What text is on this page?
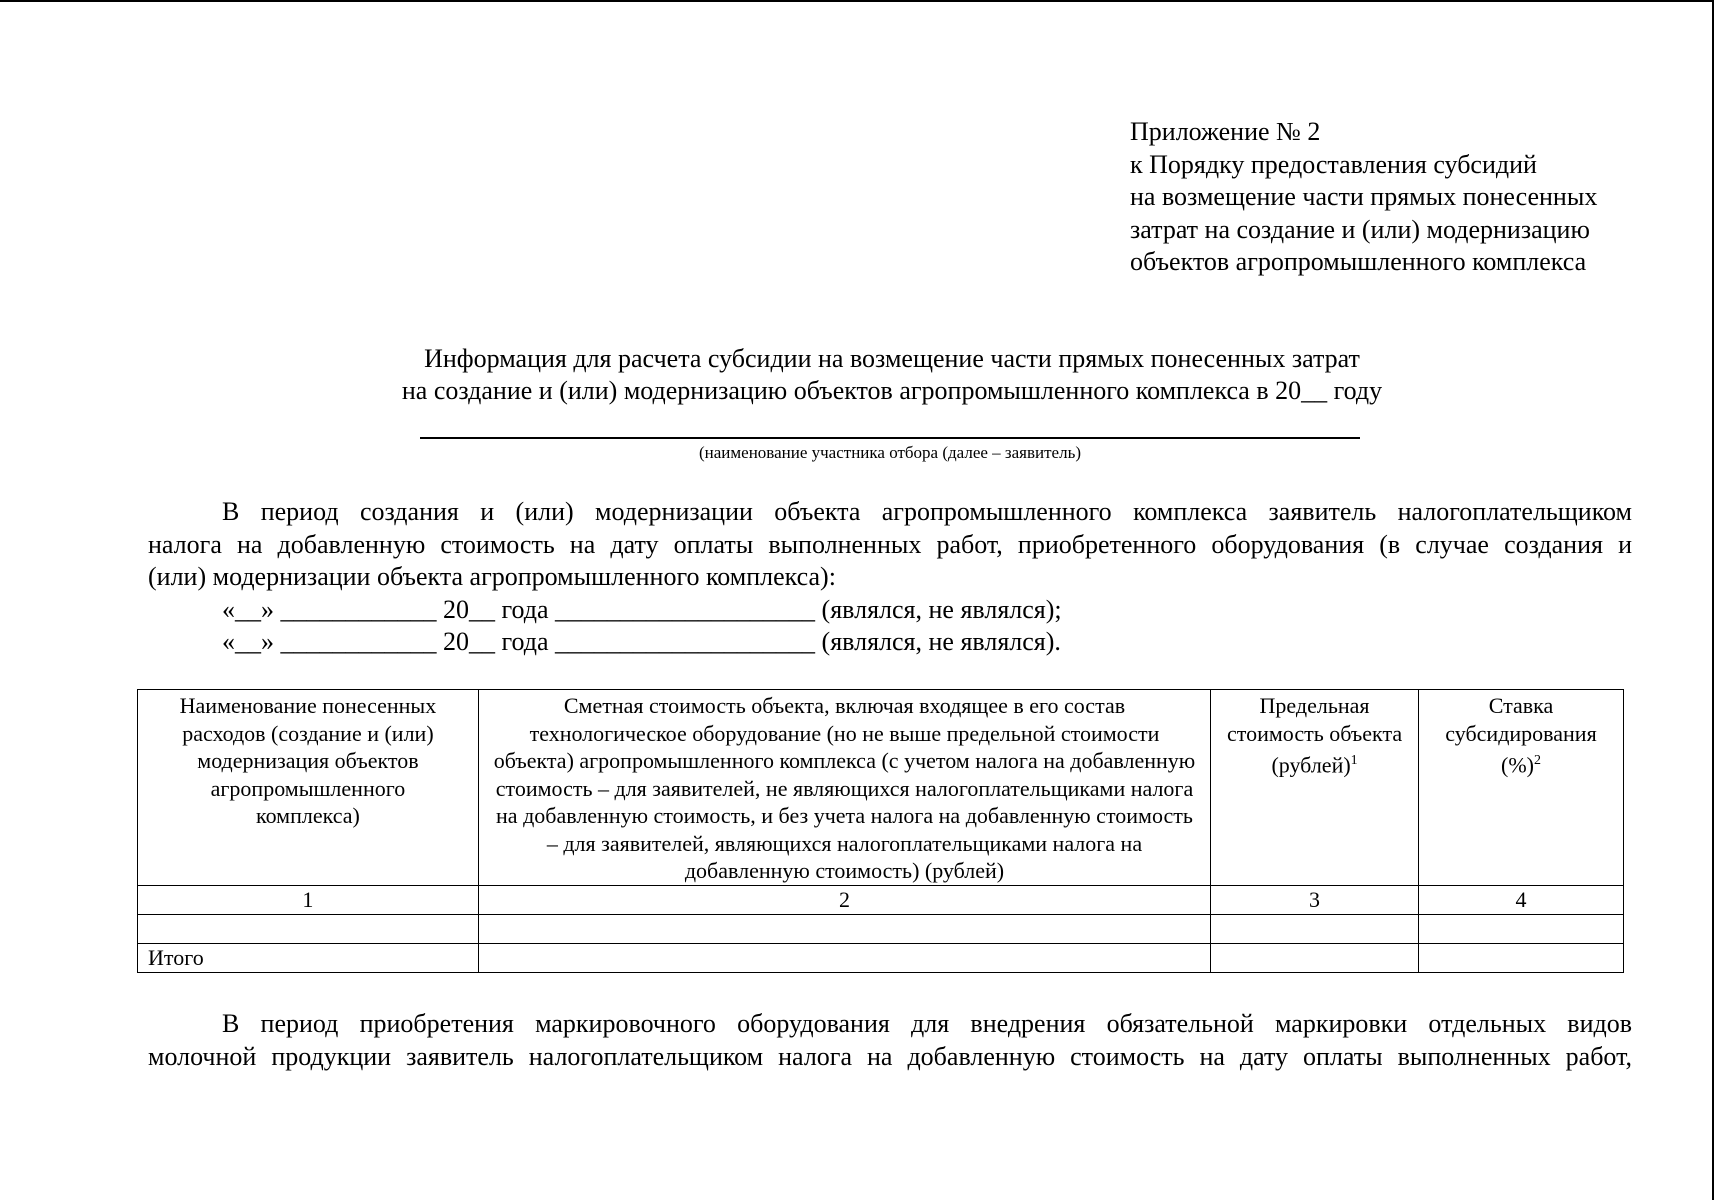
Приложение № 2
к Порядку предоставления субсидий
на возмещение части прямых понесенных
затрат на создание и (или) модернизацию
объектов агропромышленного комплекса
Информация для расчета субсидии на возмещение части прямых понесенных затрат
на создание и (или) модернизацию объектов агропромышленного комплекса в 20__ году
(наименование участника отбора (далее – заявитель)
В период создания и (или) модернизации объекта агропромышленного комплекса заявитель налогоплательщиком
налога на добавленную стоимость на дату оплаты выполненных работ, приобретенного оборудования (в случае создания и
(или) модернизации объекта агропромышленного комплекса):
«__» ____________ 20__ года ____________________ (являлся, не являлся);
«__» ____________ 20__ года ____________________ (являлся, не являлся).
Наименование понесенных расходов (создание и (или) модернизация объектов агропромышленного комплекса)	Сметная стоимость объекта, включая входящее в его состав технологическое оборудование (но не выше предельной стоимости объекта) агропромышленного комплекса (с учетом налога на добавленную стоимость – для заявителей, не являющихся налогоплательщиками налога на добавленную стоимость, и без учета налога на добавленную стоимость – для заявителей, являющихся налогоплательщиками налога на добавленную стоимость) (рублей)	Предельная стоимость объекта (рублей)$^1$	Ставка субсидирования (%)$^2$
1	2	3	4

Итого			
В период приобретения маркировочного оборудования для внедрения обязательной маркировки отдельных видов
молочной продукции заявитель налогоплательщиком налога на добавленную стоимость на дату оплаты выполненных работ,
